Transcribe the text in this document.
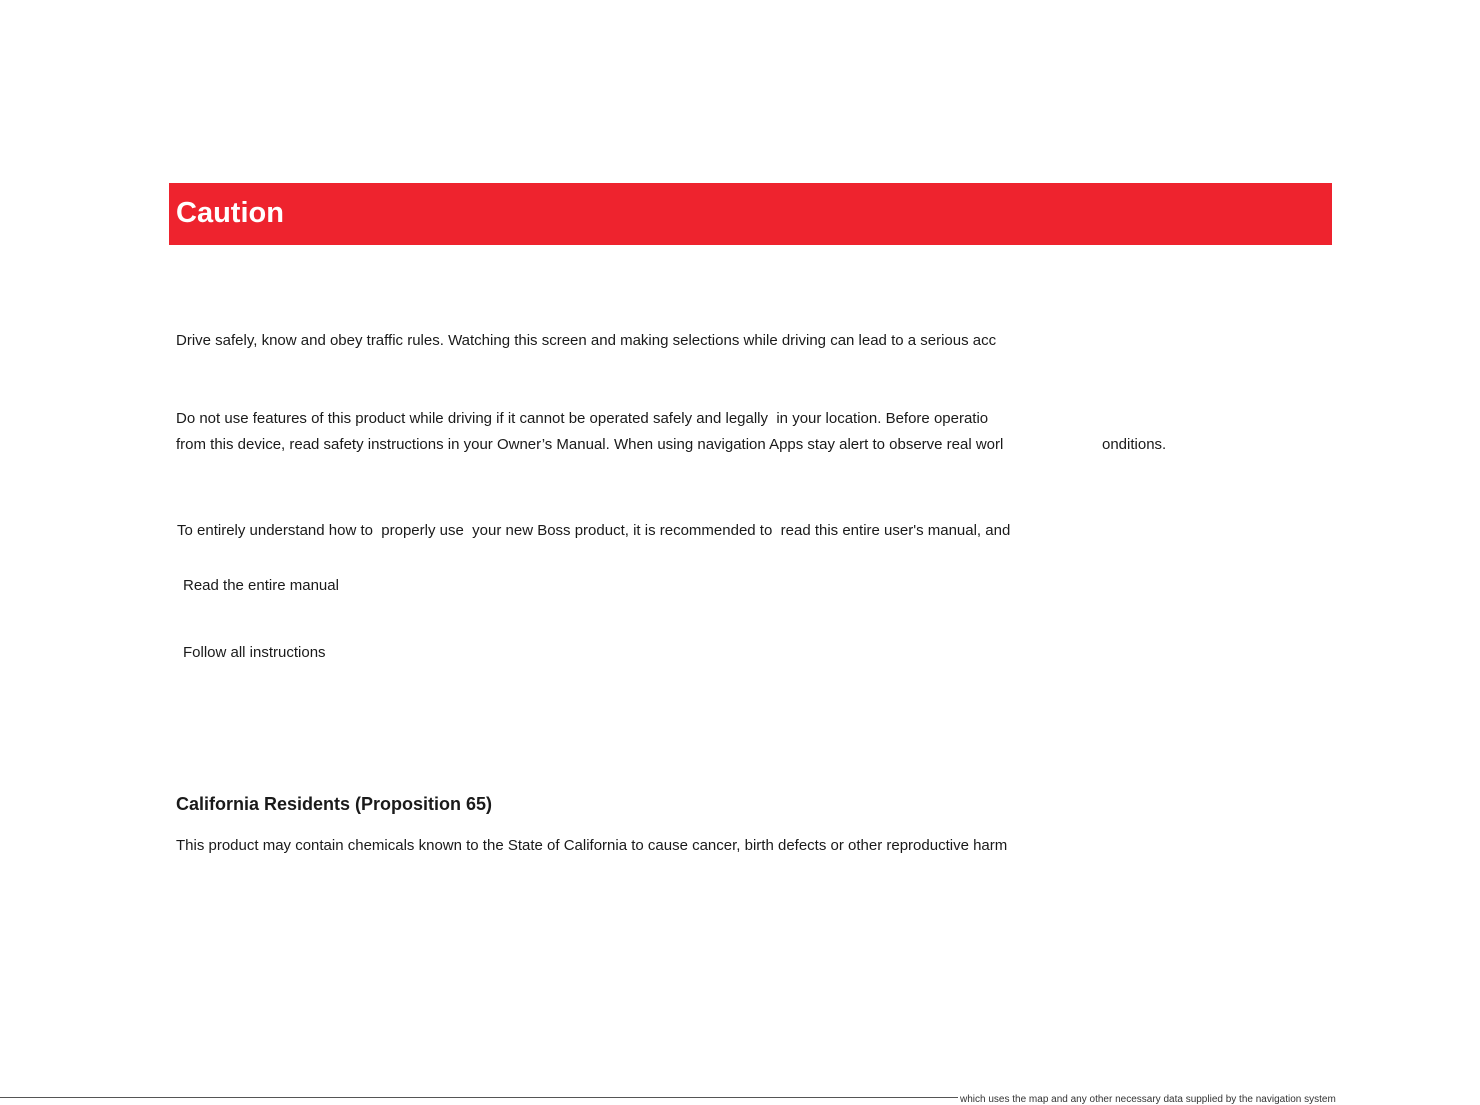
Caution
Drive safely, know and obey traffic rules. Watching this screen and making selections while driving can lead to a serious acc
Do not use features of this product while driving if it cannot be operated safely and legally  in your location. Before operatio
from this device, read safety instructions in your Owner’s Manual. When using navigation Apps stay alert to observe real worl	onditions.
To entirely understand how to  properly use  your new Boss product, it is recommended to  read this entire user's manual, and
Read the entire manual
Follow all instructions
California Residents (Proposition 65)
This product may contain chemicals known to the State of California to cause cancer, birth defects or other reproductive harm
which uses the map and any other necessary data supplied by the navigation system
